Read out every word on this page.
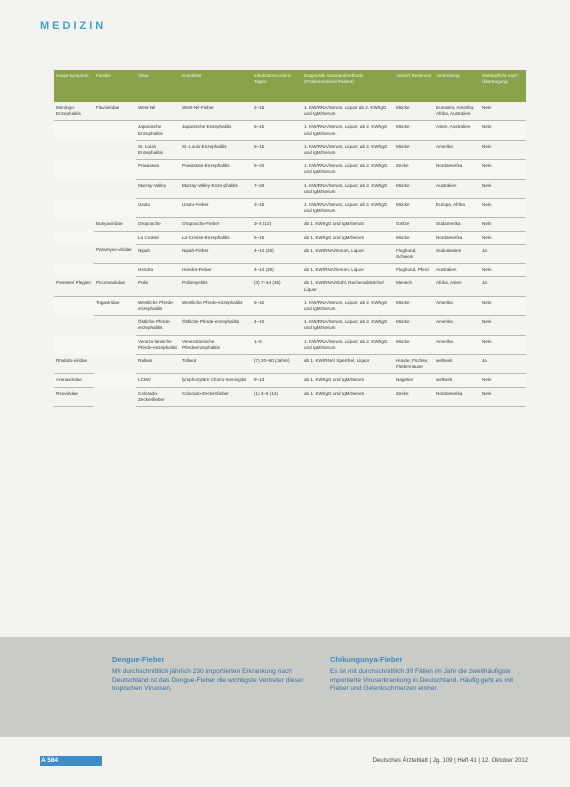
MEDIZIN
Haupt-symptom	Familie	Virus	Krankheit	Inkubations-zeit in Tagen	Diagnostik Standardmethode (Probenmaterial Patient)	Vektor/ Reservoir	Verbreitung	Meldepflicht nach Übertragung
Meningo-Enzephalitis	Flaviviridae	West-Nil	West-Nil-Fieber	2–15	1. KW/RNA/Serum, Liquor ab 2. KW/IgG und IgM/Serum	Mücke	Eurasien, Amerika, Afrika, Australien	Nein
		Japanische Enzephalitis	Japanische Enzephalitis	5–15	1. KW/RNA/Serum, Liquor, ab 2. KW/IgG und IgM/Serum	Mücke	Asien, Australien	Nein
		St. Louis Enzephalitis	St.-Louis-Enzephalitis	5–15	1. KW/RNA/Serum, Liquor, ab 2. KW/IgG und IgM/Serum	Mücke	Amerika	Nein
		Powassan	Powassan-Enzephalitis	8–34	1. KW/RNA/Serum, Liquor, ab 2. KW/IgG und IgM/Serum	Zecke	Nordamerika	Nein
		Murray-Valley	Murray-Valley-Enze-phalitis	7–28	1. KW/RNA/Serum, Liquor, ab 2. KW/IgG und IgM/Serum	Mücke	Australien	Nein
		Usutu	Usutu-Fieber	3–16	1. KW/RNA/Serum, Liquor, ab 2. KW/IgG und IgM/Serum	Mücke	Europa, Afrika	Nein
	Bunyaviridae	Oropouche	Oropouche-Fieber	3–4 (12)	ab 1. KW/IgG und IgM/Serum	Gnitze	Südamerika	Nein
		La Crosse	La-Crosse-Enzephalitis	5–15	ab 1. KW/IgG und IgM/Serum	Mücke	Nordamerika	Nein
	Paramyxo-viridae	Nipah	Nipah-Fieber	4–14 (30)	ab 1. KW/RNA/Serum, Liquor	Flughund, Schwein	Südostasien	Ja
		Hendra	Hendra-Fieber	4–14 (30)	ab 1. KW/RNA/Serum, Liquor	Flughund, Pferd	Australien	Nein
Paresen/ Plegien	Picornaviridae	Polio	Poliomyelitis	(3) 7–14 (35)	ab 1. KW/RNA/Stuhl, Rachenabstriche/ Liquor	Mensch	Afrika, Asien	Ja
	Togaviridae	Westliche Pferde-enzephalitis	Westliche Pferde-enzephalitis	5–10	1. KW/RNA/Serum, Liquor, ab 2. KW/IgG und IgM/Serum	Mücke	Amerika	Nein
		Östliche Pferde-enzephalitis	Östliche Pferde-enzephalitis	4–10	1. KW/RNA/Serum, Liquor, ab 2. KW/IgG und IgM/Serum	Mücke	Amerika	Nein
		Venezo-lanische Pferde-enzephalitis	Venezolanische Pferdeenzephalitis	1–6	1. KW/RNA/Serum, Liquor, ab 2. KW/IgG und IgM/Serum	Mücke	Amerika	Nein
Rhabdo-viridae		Rabies	Tollwut	(7) 20–90 (Jahre)	ab 1. KW/RNA/ Speichel, Liquor	Hunde, Füchse, Fledermäuse	weltweit	Ja
Arenaviridae		LCMV	lymphozytäre Chorio-meningitis	8–13	ab 1. KW/IgG und IgM/Serum	Nagetier	weltweit	Nein
Reoviridae		Colorado-Zeckenfieber	Colorado-Zeckenfieber	(1) 3–6 (14)	ab 1. KW/IgG und IgM/Serum	Zecke	Nordamerika	Nein
Dengue-Fieber

Mit durchschnittlich jährlich 230 importierten Erkrankung nach Deutschland ist das Dengue-Fieber die wichtigste Vertreter dieser tropischen Viruosen.

Chikungunya-Fieber

Es ist mit durchschnittlich 30 Fällen im Jahr die zweithäufigste importierte Viruserkrankung in Deutschland. Häufig geht es mit Fieber und Gelenkschmerzen einher.

A 584	Deutsches Ärzteblatt | Jg. 109 | Heft 41 | 12. Oktober 2012
